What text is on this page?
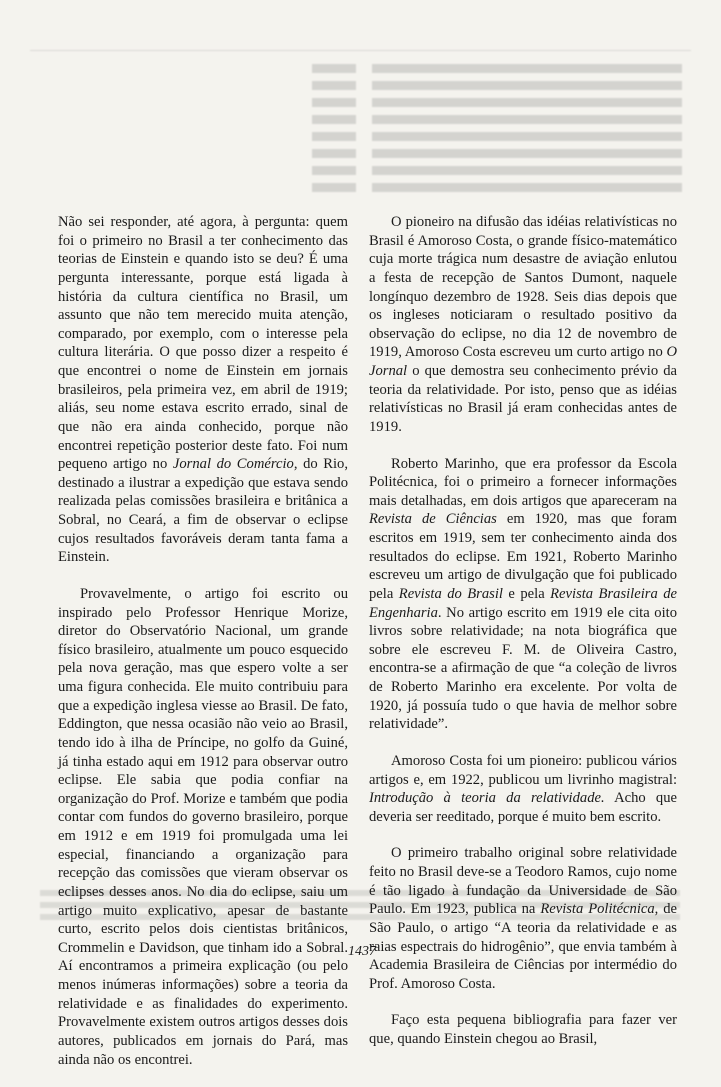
Não sei responder, até agora, à pergunta: quem foi o primeiro no Brasil a ter conhecimento das teorias de Einstein e quando isto se deu? É uma pergunta interessante, porque está ligada à história da cultura científica no Brasil, um assunto que não tem merecido muita atenção, comparado, por exemplo, com o interesse pela cultura literária. O que posso dizer a respeito é que encontrei o nome de Einstein em jornais brasileiros, pela primeira vez, em abril de 1919; aliás, seu nome estava escrito errado, sinal de que não era ainda conhecido, porque não encontrei repetição posterior deste fato. Foi num pequeno artigo no Jornal do Comércio, do Rio, destinado a ilustrar a expedição que estava sendo realizada pelas comissões brasileira e britânica a Sobral, no Ceará, a fim de observar o eclipse cujos resultados favoráveis deram tanta fama a Einstein.

Provavelmente, o artigo foi escrito ou inspirado pelo Professor Henrique Morize, diretor do Observatório Nacional, um grande físico brasileiro, atualmente um pouco esquecido pela nova geração, mas que espero volte a ser uma figura conhecida. Ele muito contribuiu para que a expedição inglesa viesse ao Brasil. De fato, Eddington, que nessa ocasião não veio ao Brasil, tendo ido à ilha de Príncipe, no golfo da Guiné, já tinha estado aqui em 1912 para observar outro eclipse. Ele sabia que podia confiar na organização do Prof. Morize e também que podia contar com fundos do governo brasileiro, porque em 1912 e em 1919 foi promulgada uma lei especial, financiando a organização para recepção das comissões que vieram observar os eclipses desses anos. No dia do eclipse, saiu um artigo muito explicativo, apesar de bastante curto, escrito pelos dois cientistas britânicos, Crommelin e Davidson, que tinham ido a Sobral. Aí encontramos a primeira explicação (ou pelo menos inúmeras informações) sobre a teoria da relatividade e as finalidades do experimento. Provavelmente existem outros artigos desses dois autores, publicados em jornais do Pará, mas ainda não os encontrei.

O pioneiro na difusão das idéias relativísticas no Brasil é Amoroso Costa, o grande físico-matemático cuja morte trágica num desastre de aviação enlutou a festa de recepção de Santos Dumont, naquele longínquo dezembro de 1928. Seis dias depois que os ingleses noticiaram o resultado positivo da observação do eclipse, no dia 12 de novembro de 1919, Amoroso Costa escreveu um curto artigo no O Jornal o que demostra seu conhecimento prévio da teoria da relatividade. Por isto, penso que as idéias relativísticas no Brasil já eram conhecidas antes de 1919.

Roberto Marinho, que era professor da Escola Politécnica, foi o primeiro a fornecer informações mais detalhadas, em dois artigos que apareceram na Revista de Ciências em 1920, mas que foram escritos em 1919, sem ter conhecimento ainda dos resultados do eclipse. Em 1921, Roberto Marinho escreveu um artigo de divulgação que foi publicado pela Revista do Brasil e pela Revista Brasileira de Engenharia. No artigo escrito em 1919 ele cita oito livros sobre relatividade; na nota biográfica que sobre ele escreveu F. M. de Oliveira Castro, encontra-se a afirmação de que “a coleção de livros de Roberto Marinho era excelente. Por volta de 1920, já possuía tudo o que havia de melhor sobre relatividade”.

Amoroso Costa foi um pioneiro: publicou vários artigos e, em 1922, publicou um livrinho magistral: Introdução à teoria da relatividade. Acho que deveria ser reeditado, porque é muito bem escrito.

O primeiro trabalho original sobre relatividade feito no Brasil deve-se a Teodoro Ramos, cujo nome é tão ligado à fundação da Universidade de São Paulo. Em 1923, publica na Revista Politécnica, de São Paulo, o artigo “A teoria da relatividade e as raias espectrais do hidrogênio”, que envia também à Academia Brasileira de Ciências por intermédio do Prof. Amoroso Costa.

Faço esta pequena bibliografia para fazer ver que, quando Einstein chegou ao Brasil,

1437
